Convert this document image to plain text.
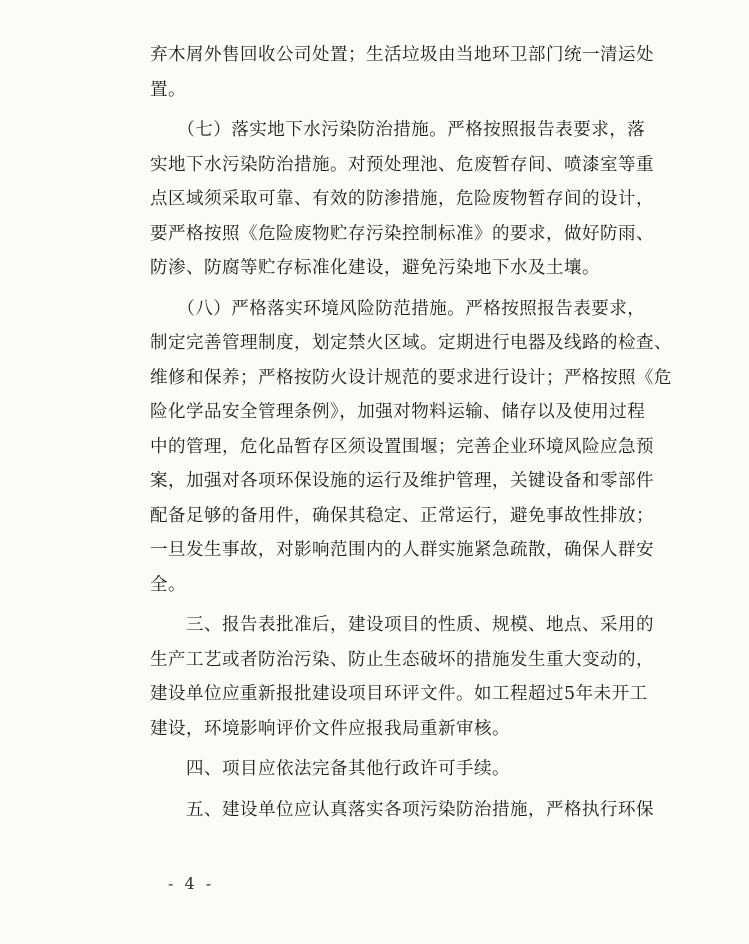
弃木屑外售回收公司处置；生活垃圾由当地环卫部门统一清运处
置。
　　（七）落实地下水污染防治措施。严格按照报告表要求，落
实地下水污染防治措施。对预处理池、危废暂存间、喷漆室等重
点区域须采取可靠、有效的防渗措施，危险废物暂存间的设计，
要严格按照《危险废物贮存污染控制标准》的要求，做好防雨、
防渗、防腐等贮存标准化建设，避免污染地下水及土壤。
　　（八）严格落实环境风险防范措施。严格按照报告表要求，
制定完善管理制度，划定禁火区域。定期进行电器及线路的检查、
维修和保养；严格按防火设计规范的要求进行设计；严格按照《危
险化学品安全管理条例》，加强对物料运输、储存以及使用过程
中的管理，危化品暂存区须设置围堰；完善企业环境风险应急预
案，加强对各项环保设施的运行及维护管理，关键设备和零部件
配备足够的备用件，确保其稳定、正常运行，避免事故性排放；
一旦发生事故，对影响范围内的人群实施紧急疏散，确保人群安
全。
　　三、报告表批准后，建设项目的性质、规模、地点、采用的
生产工艺或者防治污染、防止生态破坏的措施发生重大变动的，
建设单位应重新报批建设项目环评文件。如工程超过5年未开工
建设，环境影响评价文件应报我局重新审核。
　　四、项目应依法完备其他行政许可手续。
　　五、建设单位应认真落实各项污染防治措施，严格执行环保
- 4 -
